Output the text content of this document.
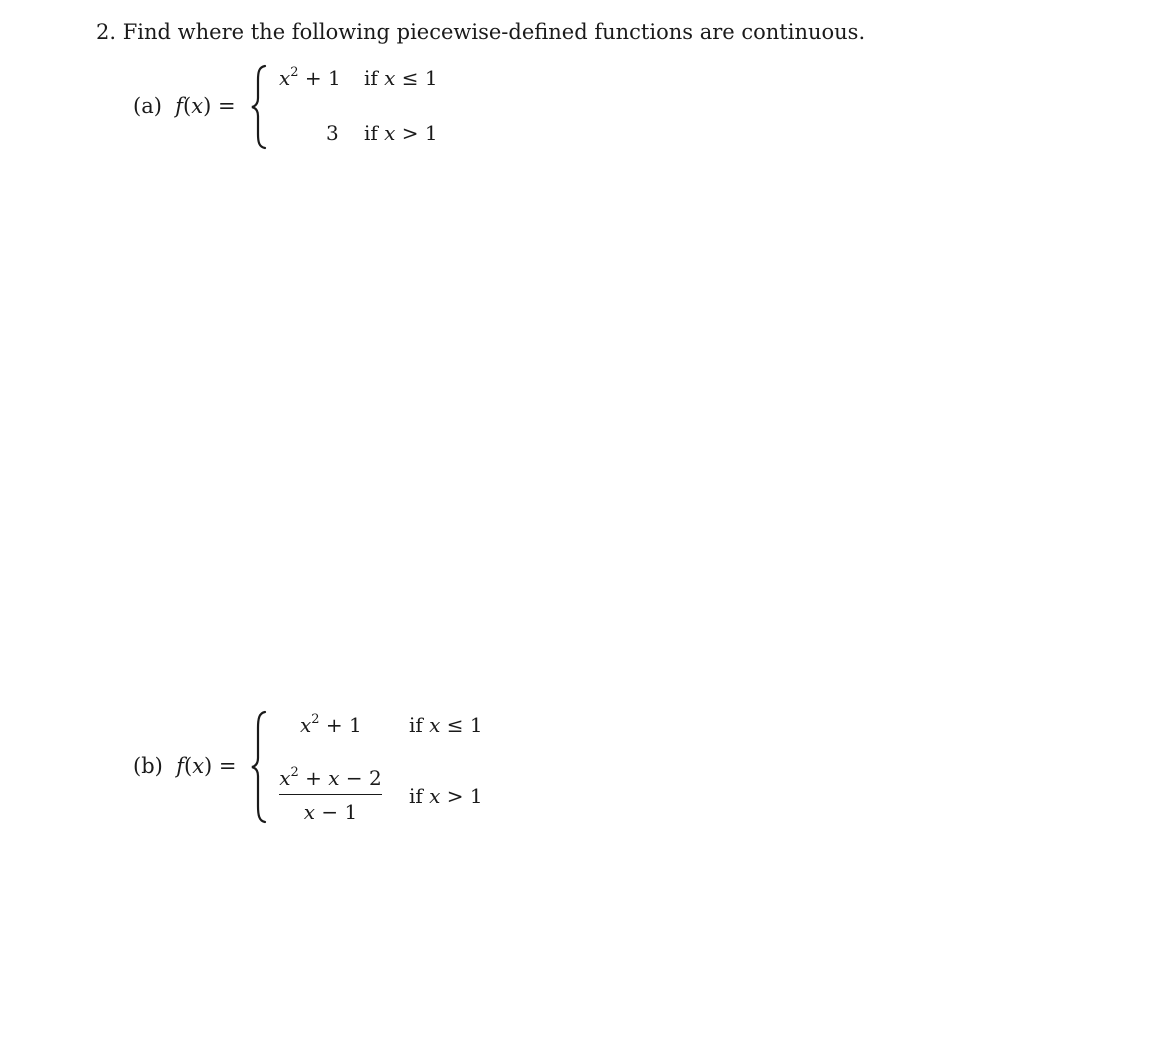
2. Find where the following piecewise-defined functions are continuous.
(a) f(x) =
$x^2 + 1$ if x ≤ 1
3 if x > 1
(b) f(x) =
$x^2 + 1$ if x ≤ 1
$x^2 + x - 2$
x − 1
if x > 1
